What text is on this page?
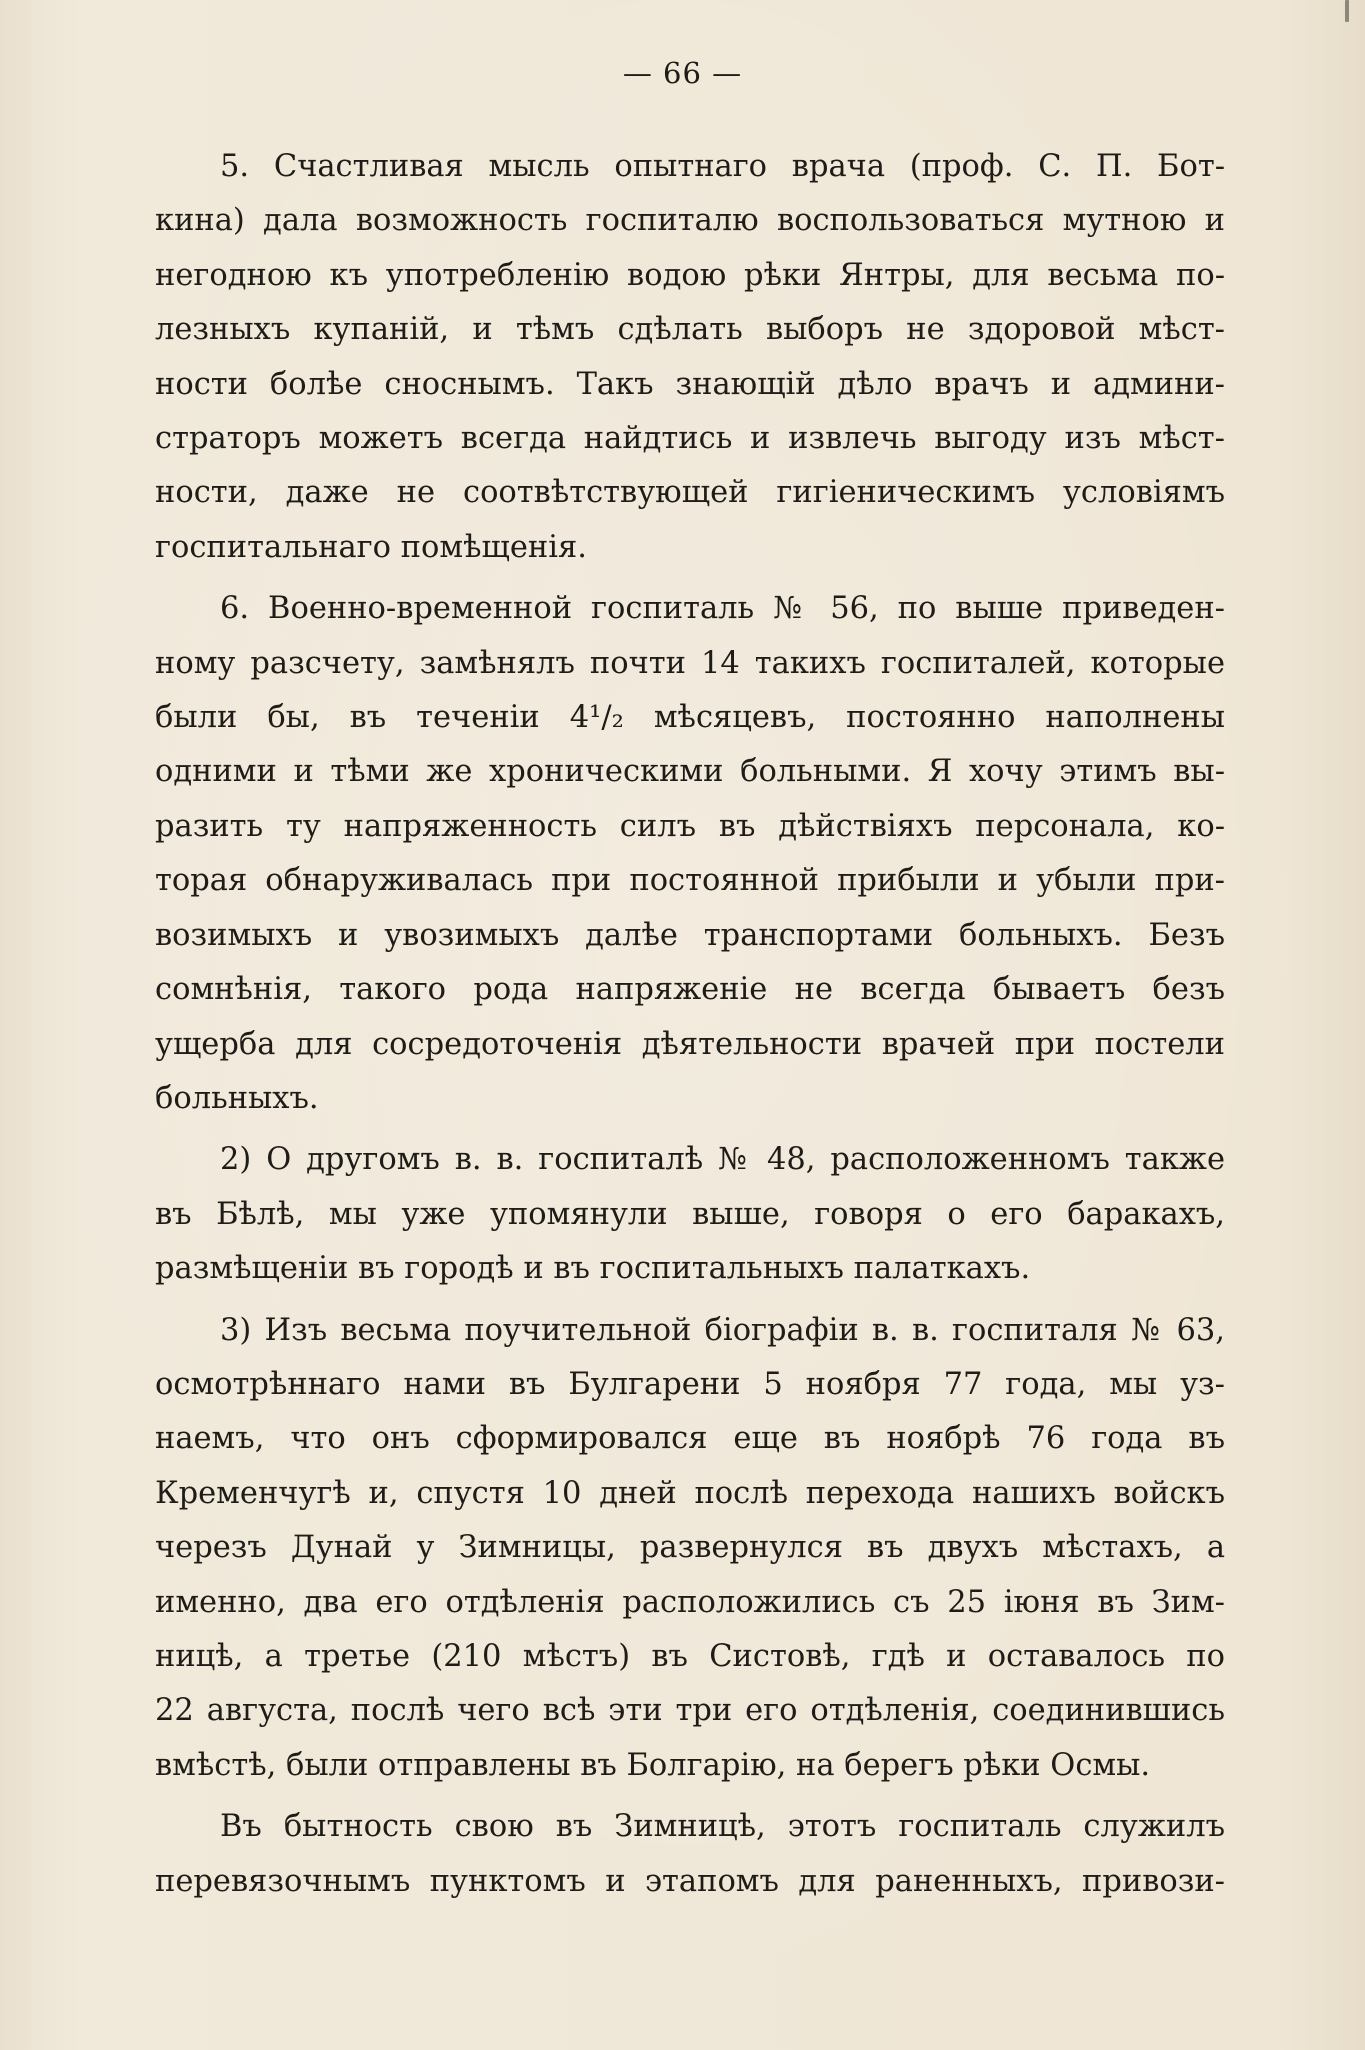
— 66 —
5. Счастливая мысль опытнаго врача (проф. С. П. Бот-
кина) дала возможность госпиталю воспользоваться мутною и
негодною къ употребленію водою рѣки Янтры, для весьма по-
лезныхъ купаній, и тѣмъ сдѣлать выборъ не здоровой мѣст-
ности болѣе сноснымъ. Такъ знающій дѣло врачъ и админи-
страторъ можетъ всегда найдтись и извлечь выгоду изъ мѣст-
ности, даже не соотвѣтствующей гигіеническимъ условіямъ
госпитальнаго помѣщенія.
6. Военно-временной госпиталь № 56, по выше приведен-
ному разсчету, замѣнялъ почти 14 такихъ госпиталей, которые
были бы, въ теченіи 4¹/₂ мѣсяцевъ, постоянно наполнены
одними и тѣми же хроническими больными. Я хочу этимъ вы-
разить ту напряженность силъ въ дѣйствіяхъ персонала, ко-
торая обнаруживалась при постоянной прибыли и убыли при-
возимыхъ и увозимыхъ далѣе транспортами больныхъ. Безъ
сомнѣнія, такого рода напряженіе не всегда бываетъ безъ
ущерба для сосредоточенія дѣятельности врачей при постели
больныхъ.
2) О другомъ в. в. госпиталѣ № 48, расположенномъ также
въ Бѣлѣ, мы уже упомянули выше, говоря о его баракахъ,
размѣщеніи въ городѣ и въ госпитальныхъ палаткахъ.
3) Изъ весьма поучительной біографіи в. в. госпиталя № 63,
осмотрѣннаго нами въ Булгарени 5 ноября 77 года, мы уз-
наемъ, что онъ сформировался еще въ ноябрѣ 76 года въ
Кременчугѣ и, спустя 10 дней послѣ перехода нашихъ войскъ
черезъ Дунай у Зимницы, развернулся въ двухъ мѣстахъ, а
именно, два его отдѣленія расположились съ 25 іюня въ Зим-
ницѣ, а третье (210 мѣстъ) въ Систовѣ, гдѣ и оставалось по
22 августа, послѣ чего всѣ эти три его отдѣленія, соединившись
вмѣстѣ, были отправлены въ Болгарію, на берегъ рѣки Осмы.
Въ бытность свою въ Зимницѣ, этотъ госпиталь служилъ
перевязочнымъ пунктомъ и этапомъ для раненныхъ, привози-
